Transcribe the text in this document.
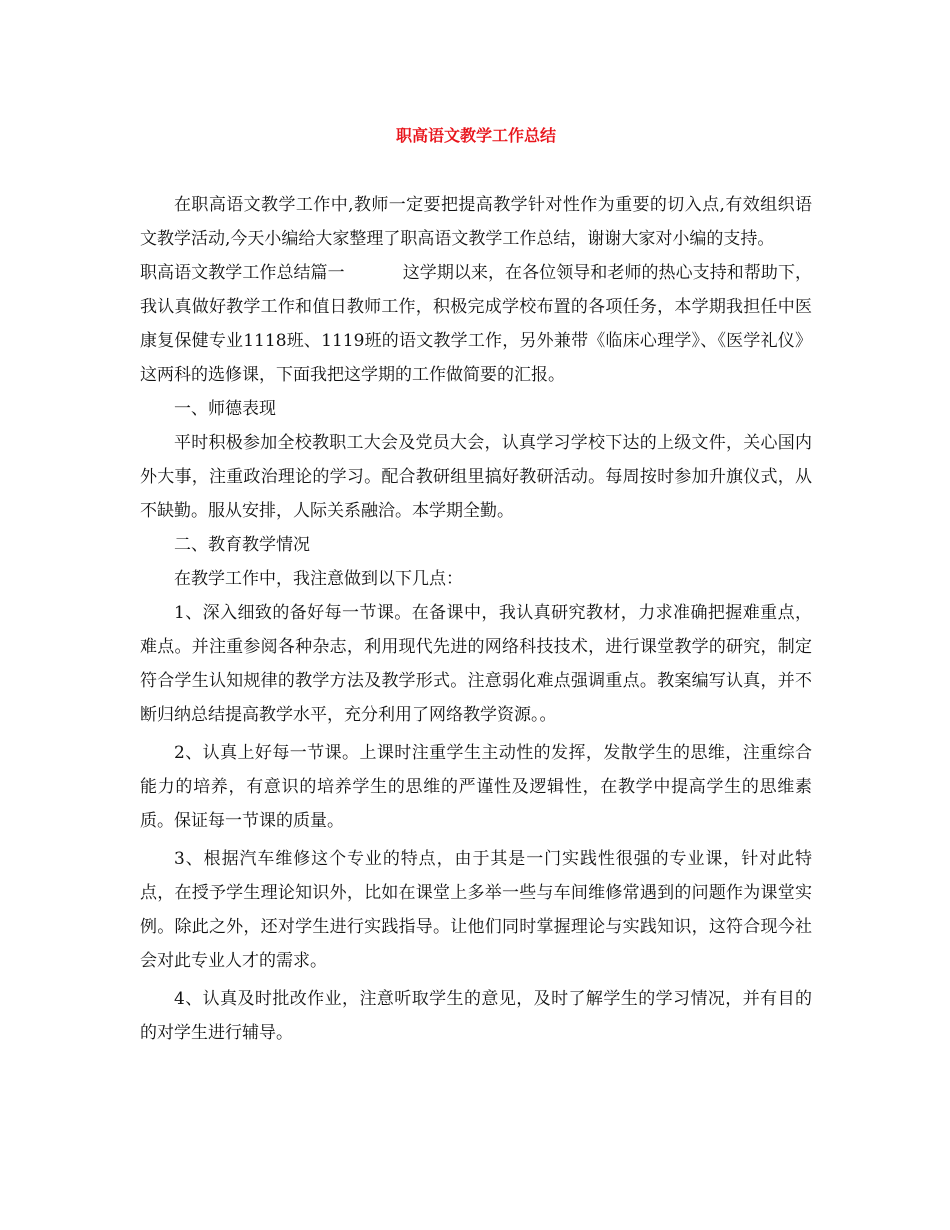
职高语文教学工作总结

在职高语文教学工作中,教师一定要把提高教学针对性作为重要的切入点,有效组织语文教学活动,今天小编给大家整理了职高语文教学工作总结，谢谢大家对小编的支持。

职高语文教学工作总结篇一	这学期以来，在各位领导和老师的热心支持和帮助下，我认真做好教学工作和值日教师工作，积极完成学校布置的各项任务，本学期我担任中医康复保健专业1118班、1119班的语文教学工作，另外兼带《临床心理学》、《医学礼仪》这两科的选修课，下面我把这学期的工作做简要的汇报。

一、师德表现

平时积极参加全校教职工大会及党员大会，认真学习学校下达的上级文件，关心国内外大事，注重政治理论的学习。配合教研组里搞好教研活动。每周按时参加升旗仪式，从不缺勤。服从安排，人际关系融洽。本学期全勤。

二、教育教学情况

在教学工作中，我注意做到以下几点：

1、深入细致的备好每一节课。在备课中，我认真研究教材，力求准确把握难重点，难点。并注重参阅各种杂志，利用现代先进的网络科技技术，进行课堂教学的研究，制定符合学生认知规律的教学方法及教学形式。注意弱化难点强调重点。教案编写认真，并不断归纳总结提高教学水平，充分利用了网络教学资源。。

2、认真上好每一节课。上课时注重学生主动性的发挥，发散学生的思维，注重综合能力的培养，有意识的培养学生的思维的严谨性及逻辑性，在教学中提高学生的思维素质。保证每一节课的质量。

3、根据汽车维修这个专业的特点，由于其是一门实践性很强的专业课，针对此特点，在授予学生理论知识外，比如在课堂上多举一些与车间维修常遇到的问题作为课堂实例。除此之外，还对学生进行实践指导。让他们同时掌握理论与实践知识，这符合现今社会对此专业人才的需求。

4、认真及时批改作业，注意听取学生的意见，及时了解学生的学习情况，并有目的的对学生进行辅导。
